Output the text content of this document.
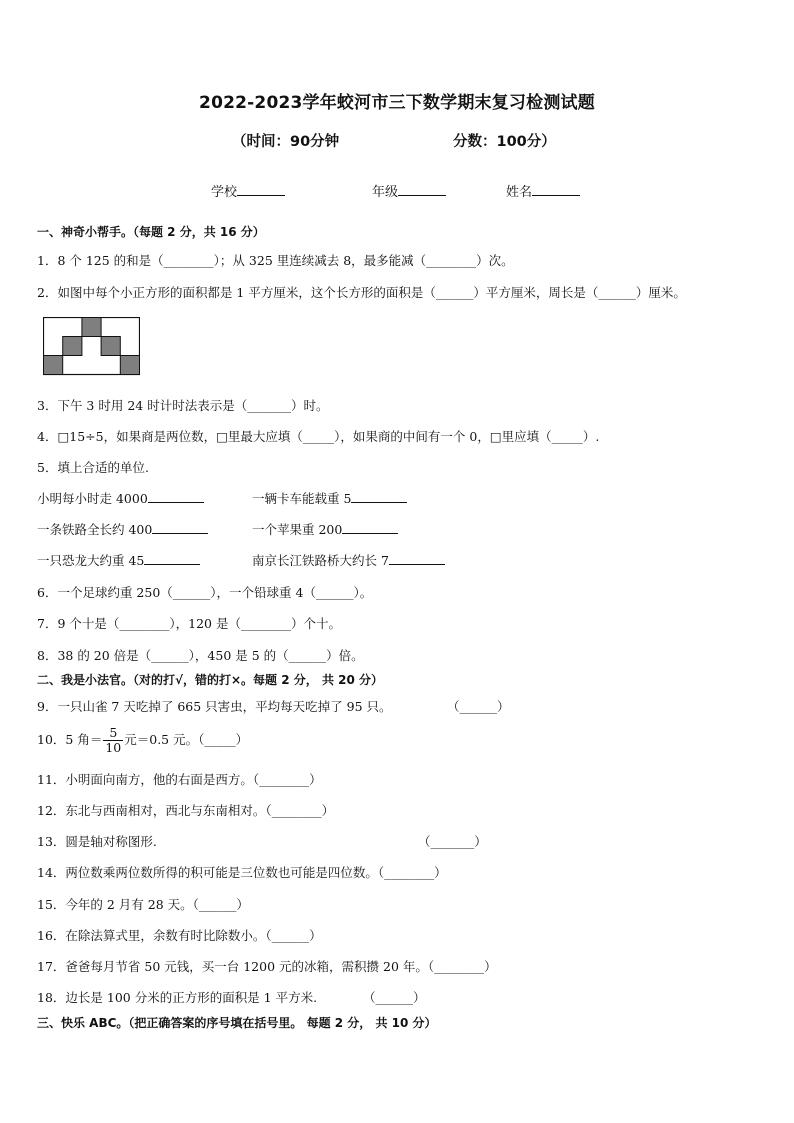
2022-2023学年蛟河市三下数学期末复习检测试题
（时间：90分钟	分数：100分）
学校	年级	姓名
一、神奇小帮手。（每题 2 分，共 16 分）
1．8 个 125 的和是（________）；从 325 里连续减去 8，最多能减（________）次。
2．如图中每个小正方形的面积都是 1 平方厘米，这个长方形的面积是（______）平方厘米，周长是（______）厘米。
3．下午 3 时用 24 时计时法表示是（_______）时。
4．□15÷5，如果商是两位数，□里最大应填（_____），如果商的中间有一个 0，□里应填（_____）.
5．填上合适的单位.
小明每小时走 4000	一辆卡车能载重 5
一条铁路全长约 400	一个苹果重 200
一只恐龙大约重 45	南京长江铁路桥大约长 7
6．一个足球约重 250（______），一个铅球重 4（______）。
7．9 个十是（________），120 是（________）个十。
8．38 的 20 倍是（______），450 是 5 的（______）倍。
二、我是小法官。（对的打√，错的打×。每题 2 分， 共 20 分）
9．一只山雀 7 天吃掉了 665 只害虫，平均每天吃掉了 95 只。	（______）
10．5 角＝ $\frac{5}{10}$ 元＝0.5 元。（_____）
11．小明面向南方，他的右面是西方。（________）
12．东北与西南相对，西北与东南相对。（________）
13．圆是轴对称图形.	（_______）
14．两位数乘两位数所得的积可能是三位数也可能是四位数。（________）
15．今年的 2 月有 28 天。（______）
16．在除法算式里，余数有时比除数小。（______）
17．爸爸每月节省 50 元钱，买一台 1200 元的冰箱，需积攒 20 年。（________）
18．边长是 100 分米的正方形的面积是 1 平方米.	（______）
三、快乐 ABC。（把正确答案的序号填在括号里。 每题 2 分， 共 10 分）
